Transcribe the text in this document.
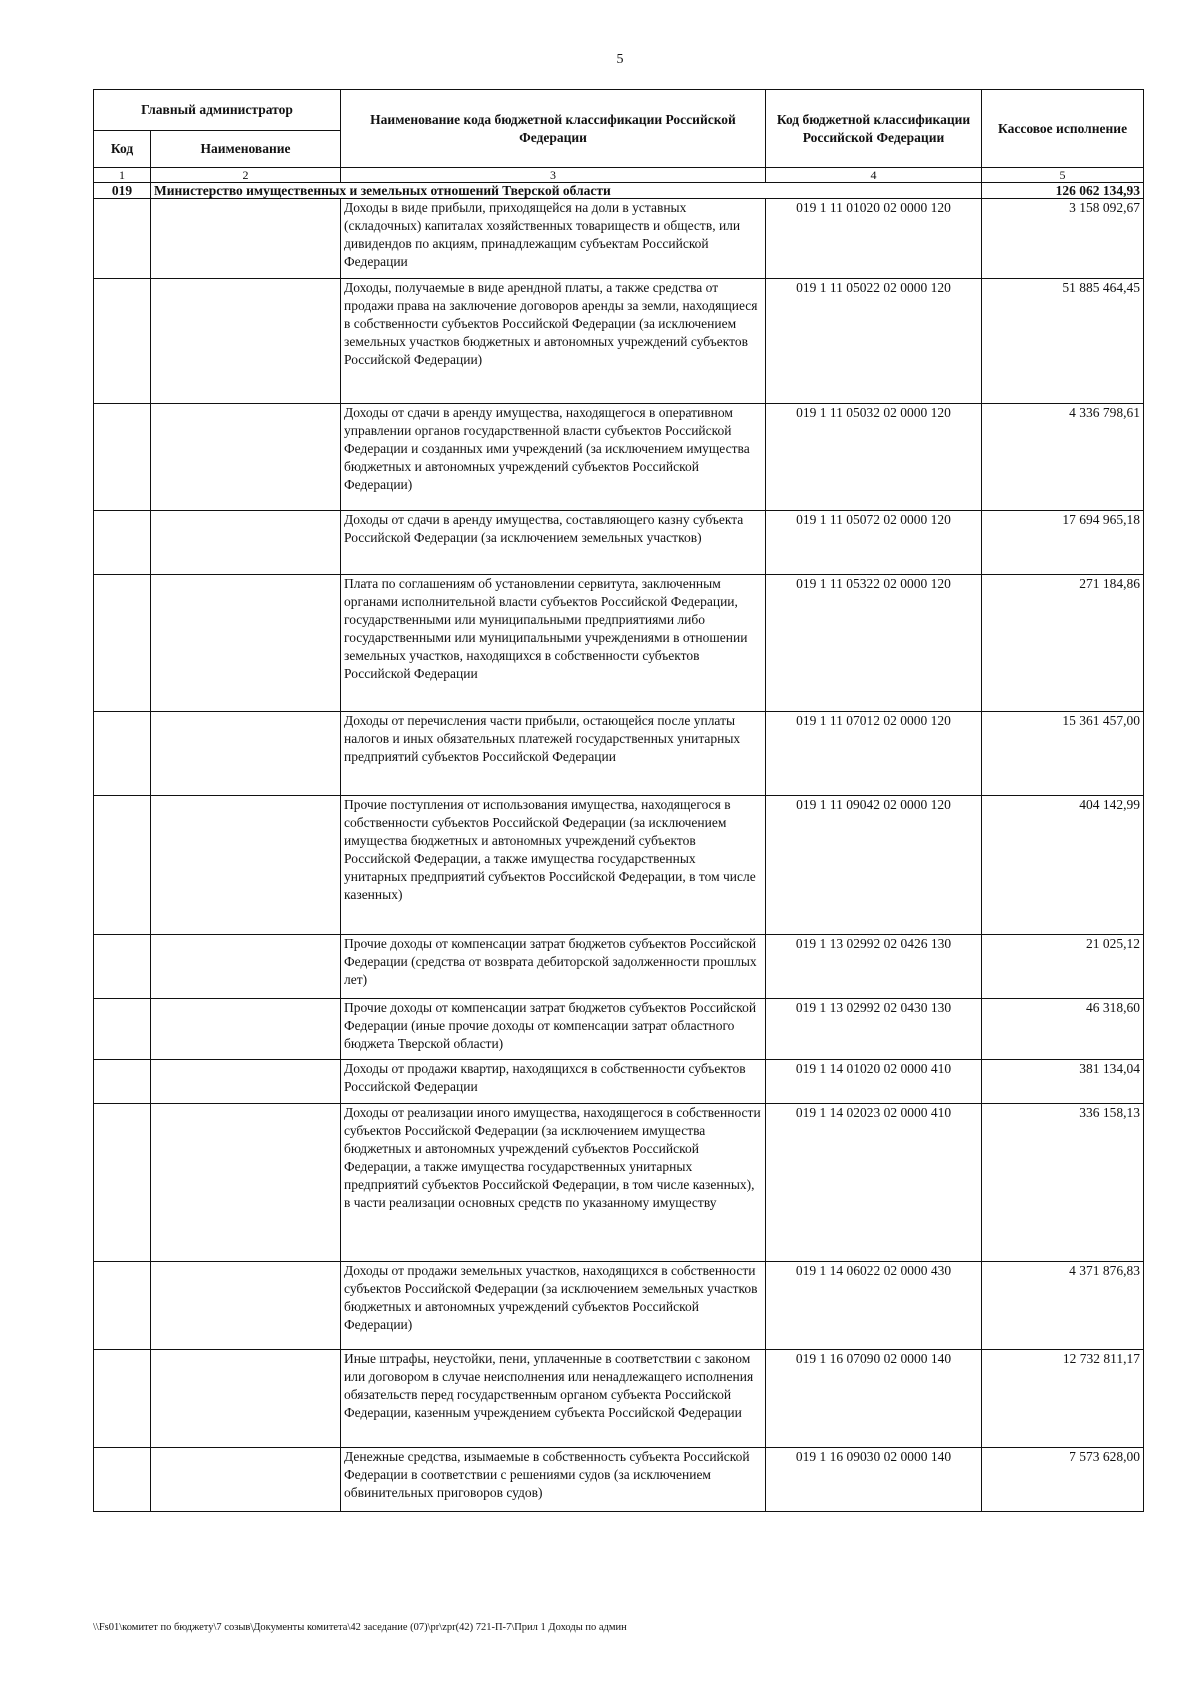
5
Главный администратор		Наименование кода бюджетной классификации Российской Федерации	Код бюджетной классификации Российской Федерации	Кассовое исполнение
Код	Наименование			
1	2	3	4	5
019	Министерство имущественных и земельных отношений Тверской области			126 062 134,93
		Доходы в виде прибыли, приходящейся на доли в уставных (складочных) капиталах хозяйственных товариществ и обществ, или дивидендов по акциям, принадлежащим субъектам Российской Федерации	019 1 11 01020 02 0000 120	3 158 092,67
		Доходы, получаемые в виде арендной платы, а также средства от продажи права на заключение договоров аренды за земли, находящиеся в собственности субъектов Российской Федерации (за исключением земельных участков бюджетных и автономных учреждений субъектов Российской Федерации)	019 1 11 05022 02 0000 120	51 885 464,45
		Доходы от сдачи в аренду имущества, находящегося в оперативном управлении органов государственной власти субъектов Российской Федерации и созданных ими учреждений (за исключением имущества бюджетных и автономных учреждений субъектов Российской Федерации)	019 1 11 05032 02 0000 120	4 336 798,61
		Доходы от сдачи в аренду имущества, составляющего казну субъекта Российской Федерации (за исключением земельных участков)	019 1 11 05072 02 0000 120	17 694 965,18
		Плата по соглашениям об установлении сервитута, заключенным органами исполнительной власти субъектов Российской Федерации, государственными или муниципальными предприятиями либо государственными или муниципальными учреждениями в отношении земельных участков, находящихся в собственности субъектов Российской Федерации	019 1 11 05322 02 0000 120	271 184,86
		Доходы от перечисления части прибыли, остающейся после уплаты налогов и иных обязательных платежей государственных унитарных предприятий субъектов Российской Федерации	019 1 11 07012 02 0000 120	15 361 457,00
		Прочие поступления от использования имущества, находящегося в собственности субъектов Российской Федерации (за исключением имущества бюджетных и автономных учреждений субъектов Российской Федерации, а также имущества государственных унитарных предприятий субъектов Российской Федерации, в том числе казенных)	019 1 11 09042 02 0000 120	404 142,99
		Прочие доходы от компенсации затрат бюджетов субъектов Российской Федерации (средства от возврата дебиторской задолженности прошлых лет)	019 1 13 02992 02 0426 130	21 025,12
		Прочие доходы от компенсации затрат бюджетов субъектов Российской Федерации (иные прочие доходы от компенсации затрат областного бюджета Тверской области)	019 1 13 02992 02 0430 130	46 318,60
		Доходы от продажи квартир, находящихся в собственности субъектов Российской Федерации	019 1 14 01020 02 0000 410	381 134,04
		Доходы от реализации иного имущества, находящегося в собственности субъектов Российской Федерации (за исключением имущества бюджетных и автономных учреждений субъектов Российской Федерации, а также имущества государственных унитарных предприятий субъектов Российской Федерации, в том числе казенных), в части реализации основных средств по указанному имуществу	019 1 14 02023 02 0000 410	336 158,13
		Доходы от продажи земельных участков, находящихся в собственности субъектов Российской Федерации (за исключением земельных участков бюджетных и автономных учреждений субъектов Российской Федерации)	019 1 14 06022 02 0000 430	4 371 876,83
		Иные штрафы, неустойки, пени, уплаченные в соответствии с законом или договором в случае неисполнения или ненадлежащего исполнения обязательств перед государственным органом субъекта Российской Федерации, казенным учреждением субъекта Российской Федерации	019 1 16 07090 02 0000 140	12 732 811,17
		Денежные средства, изымаемые в собственность субъекта Российской Федерации в соответствии с решениями судов (за исключением обвинительных приговоров судов)	019 1 16 09030 02 0000 140	7 573 628,00
\\Fs01\комитет по бюджету\7 созыв\Документы комитета\42 заседание (07)\pr\zpr(42) 721-П-7\Прил 1 Доходы по админ
